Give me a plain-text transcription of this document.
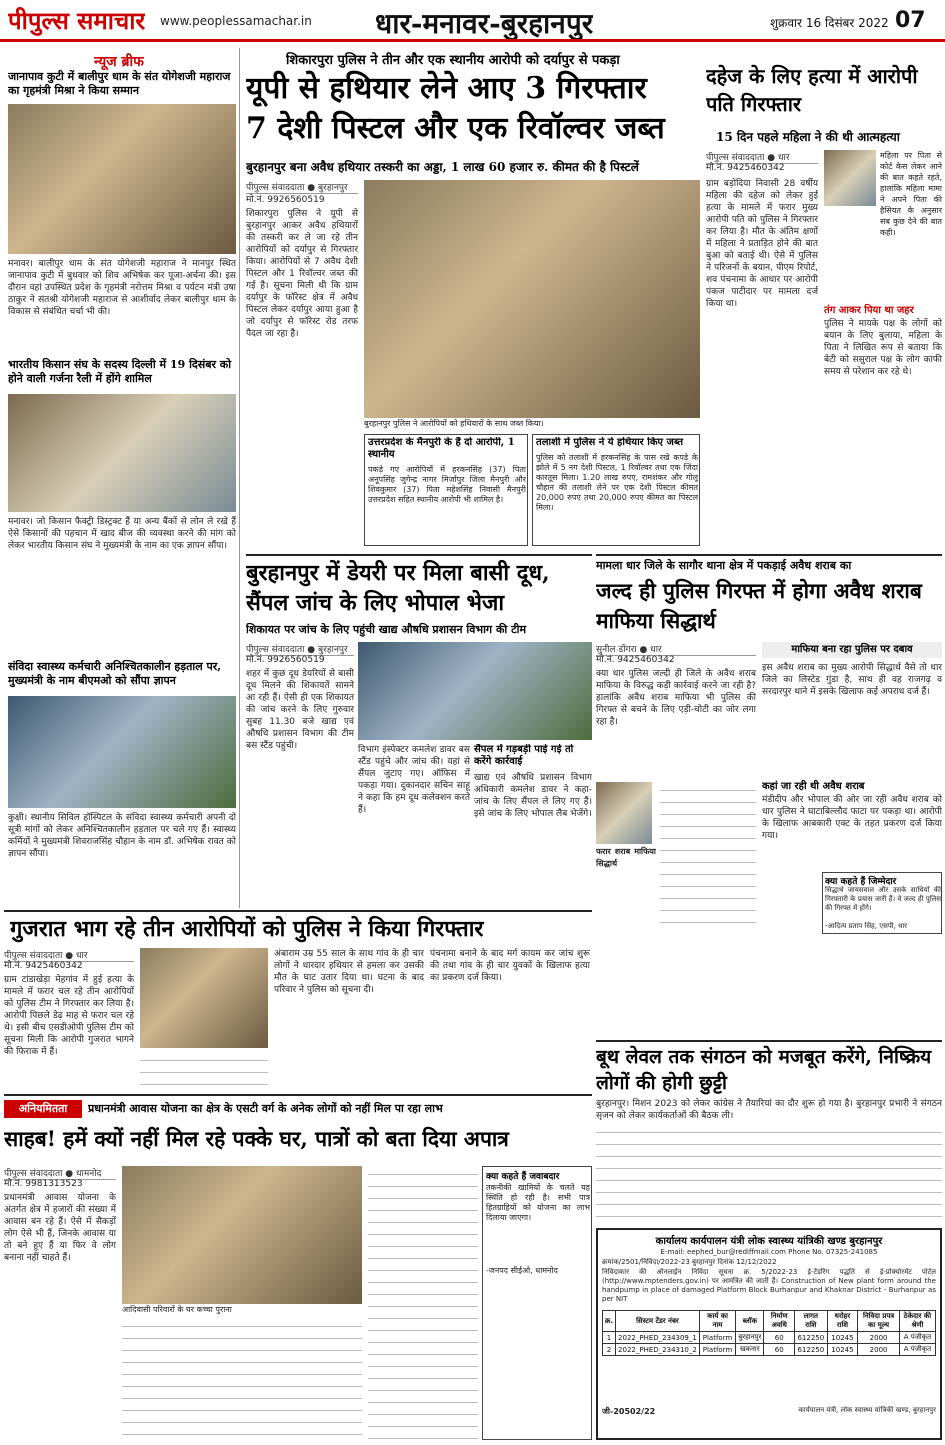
पीपुल्स समाचार www.peoplessamachar.in धार-मनावर-बुरहानपुर	शुक्रवार 16 दिसंबर 2022 07
न्यूज ब्रीफ
जानापाव कुटी में बालीपुर धाम के संत योगेशजी महाराज का गृहमंत्री मिश्रा ने किया सम्मान
मनावर। बालीपुर धाम के संत योगेशजी महाराज ने मानपुर स्थित जानापाव कुटी में बुधवार को शिव अभिषेक कर पूजा-अर्चना की। इस दौरान वहां उपस्थित प्रदेश के गृहमंत्री नरोत्तम मिश्रा व पर्यटन मंत्री उषा ठाकुर ने संतश्री योगेशजी महाराज से आशीर्वाद लेकर बालीपुर धाम के विकास से संबंधित चर्चा भी की।
भारतीय किसान संघ के सदस्य दिल्ली में 19 दिसंबर को होने वाली गर्जना रैली में होंगे शामिल
मनावर। जो किसान फैक्ट्री डिस्ट्रक्ट हैं या अन्य बैंकों से लोन ले रखे हैं ऐसे किसानों की पहचान में खाद बीज की व्यवस्था करने की मांग को लेकर भारतीय किसान संघ ने मुख्यमंत्री के नाम का एक ज्ञापन सौंपा।
संविदा स्वास्थ्य कर्मचारी अनिश्चितकालीन हड़ताल पर, मुख्यमंत्री के नाम बीएमओ को सौंपा ज्ञापन
कुक्षी। स्थानीय सिविल हॉस्पिटल के संविदा स्वास्थ्य कर्मचारी अपनी दो सूत्री मांगों को लेकर अनिश्चितकालीन हड़ताल पर चले गए हैं। स्वास्थ्य कर्मियों ने मुख्यमंत्री शिवराजसिंह चौहान के नाम डॉ. अभिषेक रावत को ज्ञापन सौंपा।
शिकारपुरा पुलिस ने तीन और एक स्थानीय आरोपी को दर्यापुर से पकड़ा
यूपी से हथियार लेने आए 3 गिरफ्तार
7 देशी पिस्टल और एक रिवॉल्वर जब्त
बुरहानपुर बना अवैध हथियार तस्करी का अड्डा, 1 लाख 60 हजार रु. कीमत की है पिस्टलें
पीपुल्स संवाददाता ● बुरहानपुर
मो.नं. 9926560519
शिकारपुरा पुलिस ने यूपी से बुरहानपुर आकर अवैध हथियारों की तस्करी कर ले जा रहे तीन आरोपियों को दर्यापुर से गिरफ्तार किया। आरोपियों से 7 अवैध देशी पिस्टल और 1 रिवॉल्वर जब्त की गई है। सूचना मिली थी कि ग्राम दर्यापुर के फॉरेस्ट क्षेत्र में अवैध पिस्टल लेकर दर्यापुर आया हुआ है जो दर्यापुर से फॉरेस्ट रोड तरफ पैदल जा रहा है।
बुरहानपुर पुलिस ने आरोपियों को हथियारों के साथ जब्त किया।
उत्तरप्रदेश के मैनपुरी के हैं दो आरोपी, 1 स्थानीय
पकड़े गए आरोपियों में हरकनसिंह (37) पिता अनूपसिंह जुगेन्द्र नागर मिर्जापुर जिला मैनपुरी और शिवकुमार (37) पिता महेशसिंह निवासी मैनपुरी उत्तरप्रदेश सहित स्थानीय आरोपी भी शामिल है।
तलाशी में पुलिस ने ये हथियार किए जब्त
पुलिस को तलाशी में हरकनसिंह के पास रखे कपड़े के झोले में 5 नग देशी पिस्टल, 1 रिवॉल्वर तथा एक जिंदा कारतूस मिला। 1.20 लाख रुपए, रामशंकर और गोलू चौहान की तलाशी लेने पर एक देशी पिस्टल कीमत 20,000 रुपए तथा 20,000 रुपए कीमत का पिस्टल मिला।
दहेज के लिए हत्या में आरोपी पति गिरफ्तार
15 दिन पहले महिला ने की थी आत्महत्या
पीपुल्स संवाददाता ● धार
मो.नं. 9425460342
महिला पर पिता से कोर्ट केस लेकर आने की बात कहते रहते, हालांकि महिला मामा ने अपने पिता की हैसियत के अनुसार सब कुछ देने की बात कही।
ग्राम बड़ोदिया निवासी 28 वर्षीय महिला की दहेज को लेकर हुई हत्या के मामले में फरार मुख्य आरोपी पति को पुलिस ने गिरफ्तार कर लिया है। मौत के अंतिम क्षणों में महिला ने प्रताड़ित होने की बात बुआ को बताई थी। ऐसे में पुलिस ने परिजनों के बयान, पीएम रिपोर्ट, शव पंचनामा के आधार पर आरोपी पंकज पाटीदार पर मामला दर्ज किया था।
तंग आकर पिया था जहर
पुलिस ने मायके पक्ष के लोगों को बयान के लिए बुलाया, महिला के पिता ने लिखित रूप से बताया कि बेटी को ससुराल पक्ष के लोग काफी समय से परेशान कर रहे थे।
बुरहानपुर में डेयरी पर मिला बासी दूध, सैंपल जांच के लिए भोपाल भेजा
शिकायत पर जांच के लिए पहुंची खाद्य औषधि प्रशासन विभाग की टीम
पीपुल्स संवाददाता ● बुरहानपुर
मो.नं. 9926560519
शहर में कुछ दूध डेयरियों से बासी दूध मिलने की शिकायतें सामने आ रही हैं। ऐसी ही एक शिकायत की जांच करने के लिए गुरुवार सुबह 11.30 बजे खाद्य एवं औषधि प्रशासन विभाग की टीम बस स्टैंड पहुंची।	विभाग इंस्पेक्टर कमलेश डावर बस स्टैंड पहुंचे और जांच की। यहां से सैंपल जुटाए गए। ऑफिस में पकड़ा गया। दुकानदार सचिन साहू ने कहा कि हम दूध कलेक्शन करते हैं।
सैंपल में गड़बड़ी पाई गई तो करेंगे कार्रवाई
खाद्य एवं औषधि प्रशासन विभाग अधिकारी कमलेश डावर ने कहा-जांच के लिए सैंपल ले लिए गए हैं। इसे जांच के लिए भोपाल लैब भेजेंगे।
मामला धार जिले के सागौर थाना क्षेत्र में पकड़ाई अवैध शराब का
जल्द ही पुलिस गिरफ्त में होगा अवैध शराब माफिया सिद्धार्थ
सुनील डोंगरा ● धार
मो.नं. 9425460342
क्या धार पुलिस जल्दी ही जिले के अवैध शराब माफिया के विरुद्ध कड़ी कार्रवाई करने जा रही है? हालांकि अवैध शराब माफिया भी पुलिस की गिरफ्त से बचने के लिए एड़ी-चोटी का जोर लगा रहा है।
फरार शराब माफिया सिद्धार्थ
माफिया बना रहा पुलिस पर दबाव
इस अवैध शराब का मुख्य आरोपी सिद्धार्थ वैसे तो धार जिले का लिस्टेड गुंडा है, साथ ही वह राजगढ़ व सरदारपुर थाने में इसके खिलाफ कई अपराध दर्ज हैं।
कहां जा रही थी अवैध शराब
मंडीदीप और भोपाल की ओर जा रही अवैध शराब को धार पुलिस ने घाटाबिल्लौद फाटा पर पकड़ा था। आरोपी के खिलाफ आबकारी एक्ट के तहत प्रकरण दर्ज किया गया।
क्या कहते हैं जिम्मेदार
सिद्धार्थ जायसवाल और उसके साथियों की गिरफ्तारी के प्रयास जारी हैं। वे जल्द ही पुलिस की गिरफ्त में होंगे।
-आदित्य प्रताप सिंह, एसपी, धार
गुजरात भाग रहे तीन आरोपियों को पुलिस ने किया गिरफ्तार
पीपुल्स संवाददाता ● धार
मो.नं. 9425460342
ग्राम टांडाखेड़ा मेहगांव में हुई हत्या के मामले में फरार चल रहे तीन आरोपियों को पुलिस टीम ने गिरफ्तार कर लिया है। आरोपी पिछले डेढ़ माह से फरार चल रहे थे। इसी बीच एसडीओपी पुलिस टीम को सूचना मिली कि आरोपी गुजरात भागने की फिराक में हैं।
अंबाराम उम्र 55 साल के साथ गांव के ही चार लोगों ने धारदार हथियार से हमला कर उसकी मौत के घाट उतार दिया था। घटना के बाद परिवार ने पुलिस को सूचना दी।
पंचनामा बनाने के बाद मर्ग कायम कर जांच शुरू की तथा गांव के ही चार युवकों के खिलाफ हत्या का प्रकरण दर्ज किया।
बूथ लेवल तक संगठन को मजबूत करेंगे, निष्क्रिय लोगों की होगी छुट्टी
बुरहानपुर। मिशन 2023 को लेकर कांग्रेस ने तैयारियां का दौर शुरू हो गया है। बुरहानपुर प्रभारी ने संगठन सृजन को लेकर कार्यकर्ताओं की बैठक ली।
अनियमितता	प्रधानमंत्री आवास योजना का क्षेत्र के एसटी वर्ग के अनेक लोगों को नहीं मिल पा रहा लाभ
साहब! हमें क्यों नहीं मिल रहे पक्के घर, पात्रों को बता दिया अपात्र
पीपुल्स संवाददाता ● धामनोद
मो.नं. 9981313523
प्रधानमंत्री आवास योजना के अंतर्गत क्षेत्र में हजारों की संख्या में आवास बन रहे हैं। ऐसे में सैकड़ों लोग ऐसे भी हैं, जिनके आवास या तो बने हुए हैं या फिर वे लोग बनाना नहीं चाहते हैं।
आदिवासी परिवारों के घर कच्चा पुराना
क्या कहते हैं जवाबदार
तकनीकी खामियों के चलते यह स्थिति हो रही है। सभी पात्र हितग्राहियों को योजना का लाभ दिलाया जाएगा।
-जनपद सीईओ, धामनोद
कार्यालय कार्यपालन यंत्री लोक स्वास्थ्य यांत्रिकी खण्ड बुरहानपुर
E-mail: eephed_bur@rediffmail.com Phone No. 07325-241085
क्रमांक/2501/निविदा/2022-23 बुरहानपुर दिनांक 12/12/2022
निविदाकार की ऑनलाईन निविदा सूचना क्र. 5/2022-23 ई-टेंडरिंग पद्धति से ई-प्रोक्योरमेंट पोर्टल (http://www.mptenders.gov.in) पर आमंत्रित की जाती हैं। Construction of New plant form around the handpump in place of damaged Platform Block Burhanpur and Khaknar District - Burhanpur as per NIT
क्र.	सिस्टम टेंडर नंबर	कार्य का नाम	ब्लॉक	निर्माण अवधि	लागत राशि	धरोहर राशि	निविदा प्रपत्र का मूल्य	ठेकेदार की श्रेणी
1	2022_PHED_234309_1	Platform	बुरहानपुर	60	612250	10245	2000	A पंजीकृत
2	2022_PHED_234310_2	Platform	खकनार	60	612250	10245	2000	A पंजीकृत
जी-20502/22	कार्यपालन यंत्री, लोक स्वास्थ्य यांत्रिकी खण्ड, बुरहानपुर
